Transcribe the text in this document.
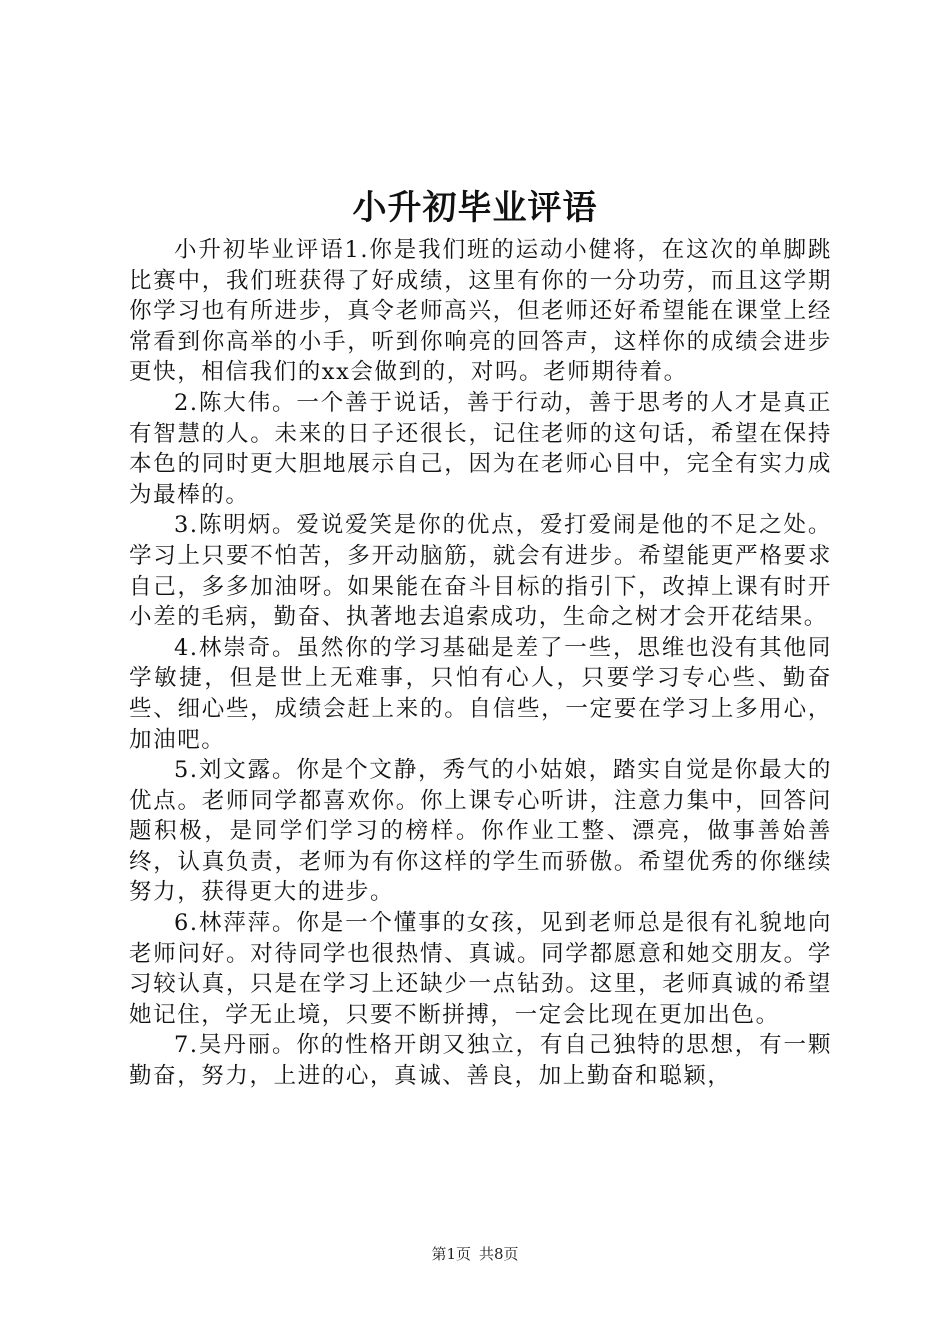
小升初毕业评语

小升初毕业评语1.你是我们班的运动小健将，在这次的单脚跳比赛中，我们班获得了好成绩，这里有你的一分功劳，而且这学期你学习也有所进步，真令老师高兴，但老师还好希望能在课堂上经常看到你高举的小手，听到你响亮的回答声，这样你的成绩会进步更快，相信我们的xx会做到的，对吗。老师期待着。

2.陈大伟。一个善于说话，善于行动，善于思考的人才是真正有智慧的人。未来的日子还很长，记住老师的这句话，希望在保持本色的同时更大胆地展示自己，因为在老师心目中，完全有实力成为最棒的。

3.陈明炳。爱说爱笑是你的优点，爱打爱闹是他的不足之处。学习上只要不怕苦，多开动脑筋，就会有进步。希望能更严格要求自己，多多加油呀。如果能在奋斗目标的指引下，改掉上课有时开小差的毛病，勤奋、执著地去追索成功，生命之树才会开花结果。

4.林崇奇。虽然你的学习基础是差了一些，思维也没有其他同学敏捷，但是世上无难事，只怕有心人，只要学习专心些、勤奋些、细心些，成绩会赶上来的。自信些，一定要在学习上多用心，加油吧。

5.刘文露。你是个文静，秀气的小姑娘，踏实自觉是你最大的优点。老师同学都喜欢你。你上课专心听讲，注意力集中，回答问题积极，是同学们学习的榜样。你作业工整、漂亮，做事善始善终，认真负责，老师为有你这样的学生而骄傲。希望优秀的你继续努力，获得更大的进步。

6.林萍萍。你是一个懂事的女孩，见到老师总是很有礼貌地向老师问好。对待同学也很热情、真诚。同学都愿意和她交朋友。学习较认真，只是在学习上还缺少一点钻劲。这里，老师真诚的希望她记住，学无止境，只要不断拼搏，一定会比现在更加出色。

7.吴丹丽。你的性格开朗又独立，有自己独特的思想，有一颗勤奋，努力，上进的心，真诚、善良，加上勤奋和聪颖，

第1页 共8页
